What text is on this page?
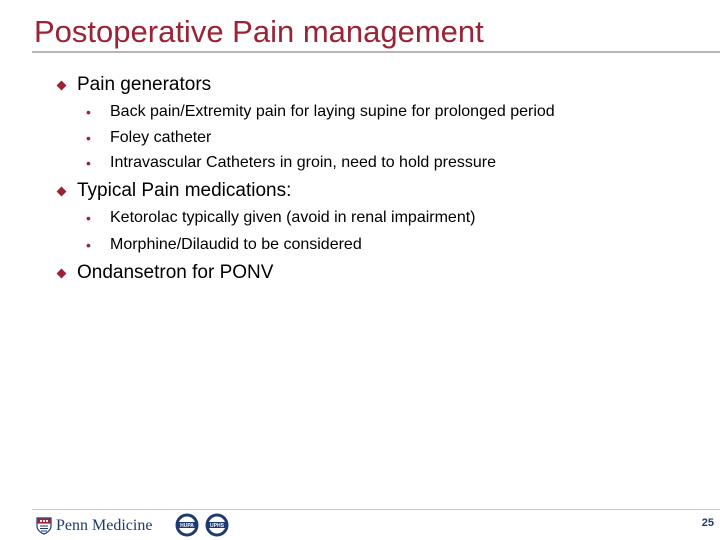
Postoperative Pain management
Pain generators
• Back pain/Extremity pain for laying supine for prolonged period
• Foley catheter
• Intravascular Catheters in groin, need to hold pressure
Typical Pain medications:
• Ketorolac typically given (avoid in renal impairment)
• Morphine/Dilaudid to be considered
Ondansetron for PONV
Penn Medicine	HUPA	UPHS	25
